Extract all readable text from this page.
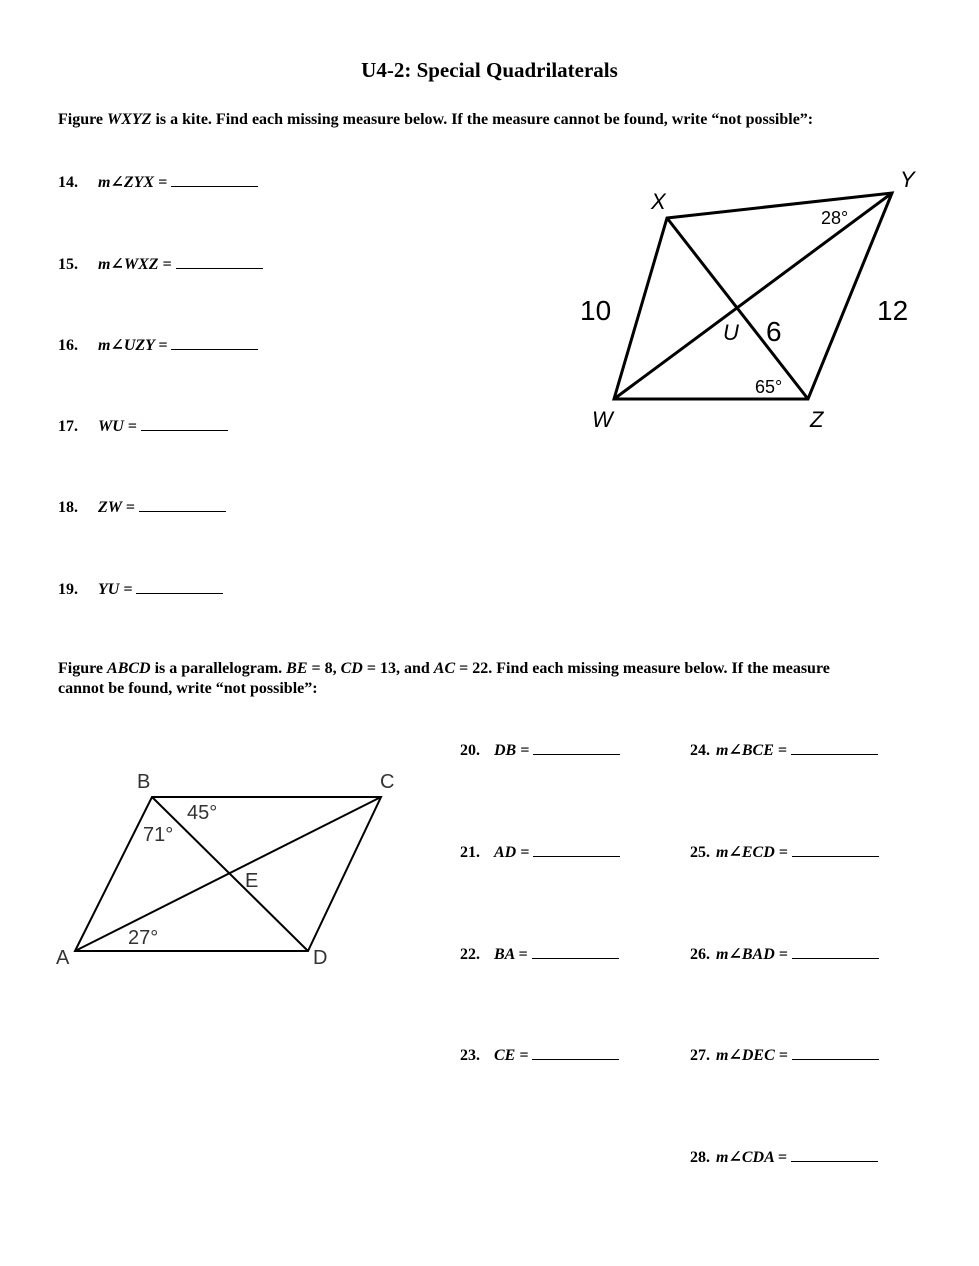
U4-2: Special Quadrilaterals
Figure WXYZ is a kite. Find each missing measure below. If the measure cannot be found, write “not possible”:
14. m∠ZYX =
15. m∠WXZ =
16. m∠UZY =
17. WU =
18. ZW =
19. YU =
X
Y
W	Z
U
10	12
6
28°
65°
Figure ABCD is a parallelogram. BE = 8, CD = 13, and AC = 22. Find each missing measure below. If the measure
cannot be found, write “not possible”:
B	C
A	D
E
45°
71°
27°
20. DB =
21. AD =
22. BA =
23. CE =
24. m∠BCE =
25. m∠ECD =
26. m∠BAD =
27. m∠DEC =
28. m∠CDA =
